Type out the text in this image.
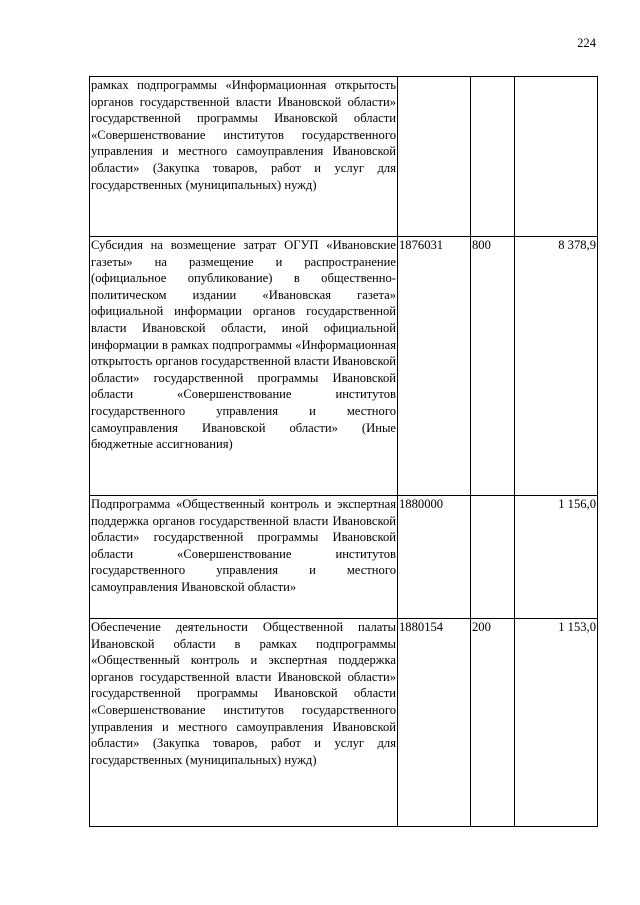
224
рамках подпрограммы «Информационная открытость органов государственной власти Ивановской области» государственной программы Ивановской области «Совершенствование институтов государственного управления и местного самоуправления Ивановской области» (Закупка товаров, работ и услуг для государственных (муниципальных) нужд)			
Субсидия на возмещение затрат ОГУП «Ивановские газеты» на размещение и распространение (официальное опубликование) в общественно-политическом издании «Ивановская газета» официальной информации органов государственной власти Ивановской области, иной официальной информации в рамках подпрограммы «Информационная открытость органов государственной власти Ивановской области» государственной программы Ивановской области «Совершенствование институтов государственного управления и местного самоуправления Ивановской области» (Иные бюджетные ассигнования)	1876031	800	8 378,9
Подпрограмма «Общественный контроль и экспертная поддержка органов государственной власти Ивановской области» государственной программы Ивановской области «Совершенствование институтов государственного управления и местного самоуправления Ивановской области»	1880000		1 156,0
Обеспечение деятельности Общественной палаты Ивановской области в рамках подпрограммы «Общественный контроль и экспертная поддержка органов государственной власти Ивановской области» государственной программы Ивановской области «Совершенствование институтов государственного управления и местного самоуправления Ивановской области» (Закупка товаров, работ и услуг для государственных (муниципальных) нужд)	1880154	200	1 153,0
